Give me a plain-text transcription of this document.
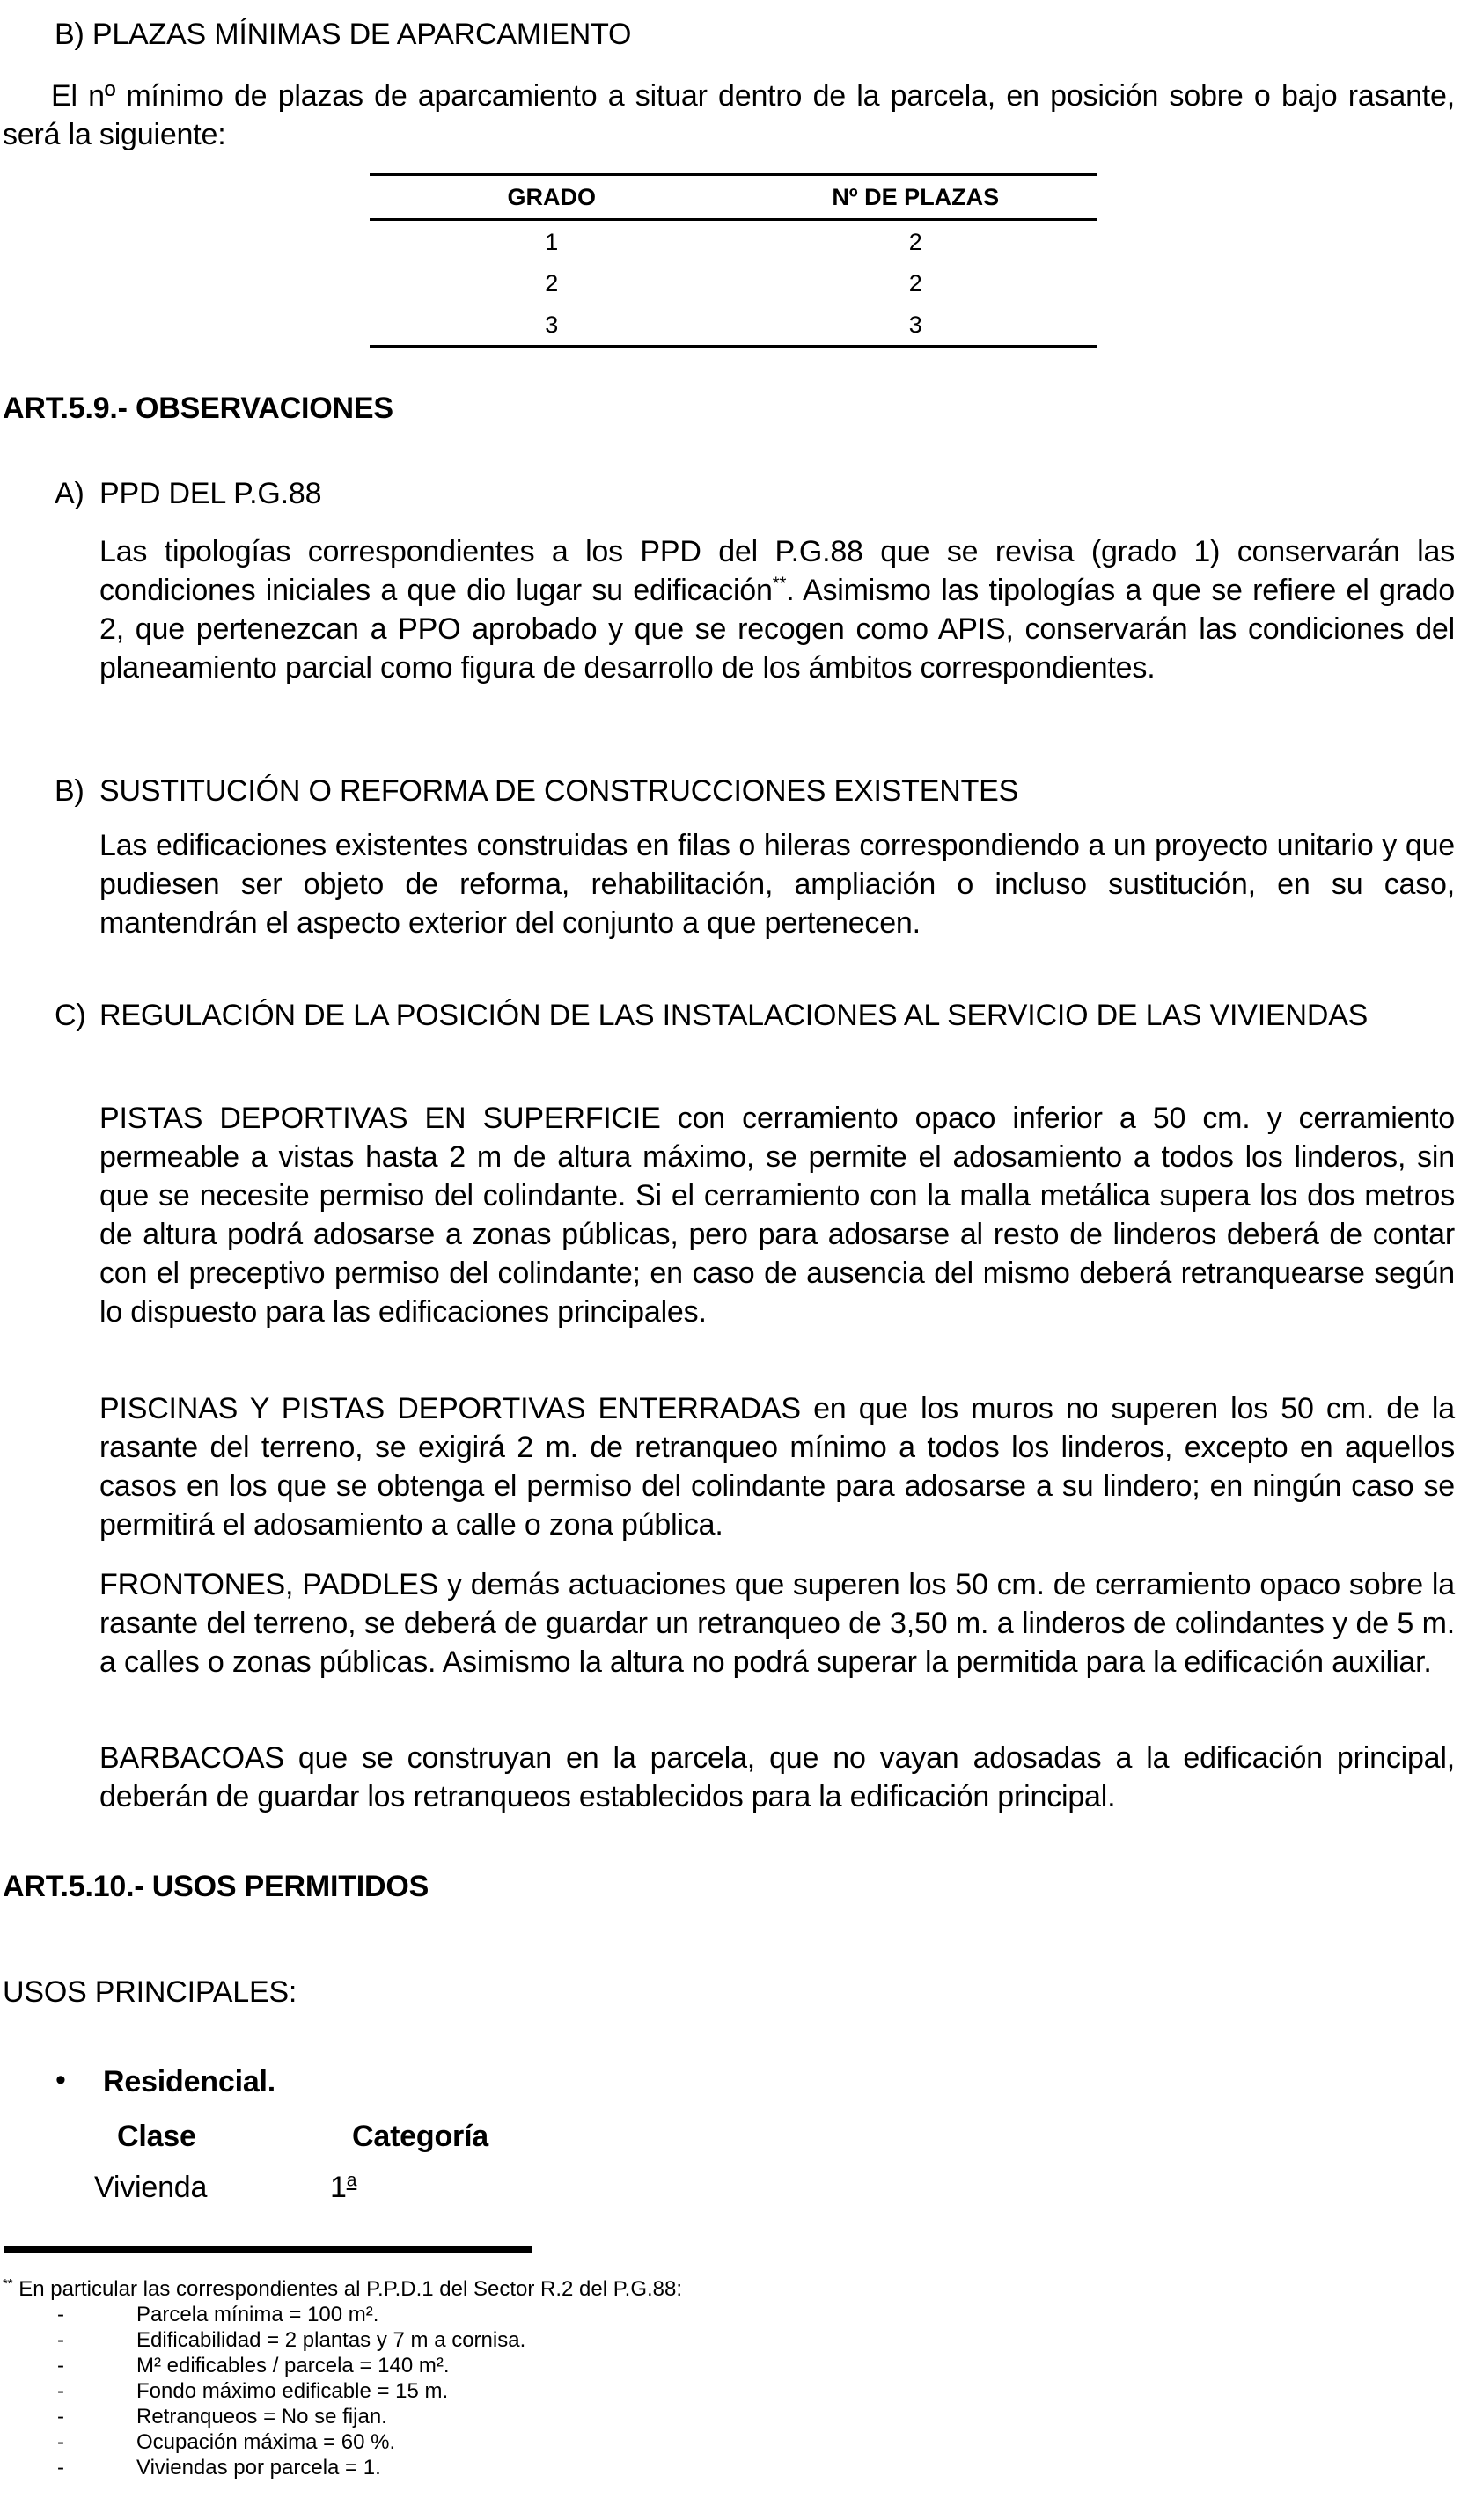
B) PLAZAS MÍNIMAS DE APARCAMIENTO

El nº mínimo de plazas de aparcamiento a situar dentro de la parcela, en posición sobre o bajo rasante, será la siguiente:

GRADO	Nº DE PLAZAS
1	2
2	2
3	3
ART.5.9.- OBSERVACIONES
A) PPD DEL P.G.88

Las tipologías correspondientes a los PPD del P.G.88 que se revisa (grado 1) conservarán las condiciones iniciales a que dio lugar su edificación**. Asimismo las tipologías a que se refiere el grado 2, que pertenezcan a PPO aprobado y que se recogen como APIS, conservarán las condiciones del planeamiento parcial como figura de desarrollo de los ámbitos correspondientes.

B) SUSTITUCIÓN O REFORMA DE CONSTRUCCIONES EXISTENTES

Las edificaciones existentes construidas en filas o hileras correspondiendo a un proyecto unitario y que pudiesen ser objeto de reforma, rehabilitación, ampliación o incluso sustitución, en su caso, mantendrán el aspecto exterior del conjunto a que pertenecen.

C) REGULACIÓN DE LA POSICIÓN DE LAS INSTALACIONES AL SERVICIO DE LAS VIVIENDAS

PISTAS DEPORTIVAS EN SUPERFICIE con cerramiento opaco inferior a 50 cm. y cerramiento permeable a vistas hasta 2 m de altura máximo, se permite el adosamiento a todos los linderos, sin que se necesite permiso del colindante. Si el cerramiento con la malla metálica supera los dos metros de altura podrá adosarse a zonas públicas, pero para adosarse al resto de linderos deberá de contar con el preceptivo permiso del colindante; en caso de ausencia del mismo deberá retranquearse según lo dispuesto para las edificaciones principales.

PISCINAS Y PISTAS DEPORTIVAS ENTERRADAS en que los muros no superen los 50 cm. de la rasante del terreno, se exigirá 2 m. de retranqueo mínimo a todos los linderos, excepto en aquellos casos en los que se obtenga el permiso del colindante para adosarse a su lindero; en ningún caso se permitirá el adosamiento a calle o zona pública.

FRONTONES, PADDLES y demás actuaciones que superen los 50 cm. de cerramiento opaco sobre la rasante del terreno, se deberá de guardar un retranqueo de 3,50 m. a linderos de colindantes y de 5 m. a calles o zonas públicas. Asimismo la altura no podrá superar la permitida para la edificación auxiliar.

BARBACOAS que se construyan en la parcela, que no vayan adosadas a la edificación principal, deberán de guardar los retranqueos establecidos para la edificación principal.

ART.5.10.- USOS PERMITIDOS
USOS PRINCIPALES:
• Residencial.
Clase	Categoría
Vivienda	1$^a$
** En particular las correspondientes al P.P.D.1 del Sector R.2 del P.G.88:
-	Parcela mínima = 100 m².
-	Edificabilidad = 2 plantas y 7 m a cornisa.
-	M² edificables / parcela = 140 m².
-	Fondo máximo edificable = 15 m.
-	Retranqueos = No se fijan.
-	Ocupación máxima = 60 %.
-	Viviendas por parcela = 1.
